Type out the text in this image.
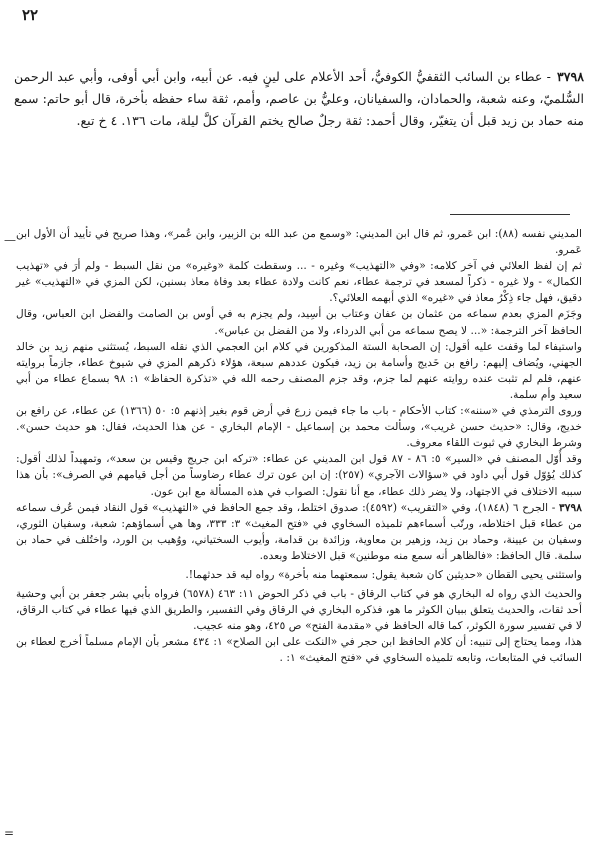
٢٢
٣٧٩٨- عطاء بن السائب الثقفيُّ الكوفيُّ، أحد الأعلام على لينٍ فيه. عن أبيه، وابن أبي أوفى، وأبي عبد الرحمن السُّلميّ، وعنه شعبة، والحمادان، والسفيانان، وعليُّ بن عاصم، وأمم، ثقة ساء حفظه بأخرة، قال أبو حاتم: سمع منه حماد بن زيد قبل أن يتغيّر، وقال أحمد: ثقة رجلٌ صالح يختم القرآن كلَّ ليلة، مات ١٣٦. ٤ خ تبع.
—
=

المديني نفسه (٨٨): ابن عَمرو، ثم قال ابن المديني: «وسمع من عبد الله بن الزبير، وابن عُمر»، وهذا صريح في تأييد أن الأول ابن عَمرو.

ثم إن لفظ العلائي في آخر كلامه: «وفي «التهذيب» وغيره - ... وسقطت كلمة «وغيره» من نقل السبط - ولم أرَ في «تهذيب الكمال» - ولا غيره - ذكراً لمسعد في ترجمة عطاء، نعم كانت ولادة عطاء بعد وفاة معاذ بسنين، لكن المزي في «التهذيب» غير دقيق، فهل جاء ذِكْرُ معاذ في «غيره» الذي أبهمه العلائي؟.

وجَزَم المزي بعدم سماعه من عثمان بن عفان وعتاب بن أسِيد، ولم يجزم به في أوس بن الصامت والفضل ابن العباس، وقال الحافظ آخر الترجمة: «... لا يصح سماعه من أبي الدرداء، ولا من الفضل بن عباس».

واستيفاء لما وقفت عليه أقول: إن الصحابة الستة المذكورين في كلام ابن العجمي الذي نقله السبط، يُستثنى منهم زيد بن خالد الجهني، ويُضاف إليهم: رافع بن خَديج وأسامة بن زيد، فيكون عددهم سبعة، هؤلاء ذكرهم المزي في شيوخ عطاء، جازماً بروايته عنهم، فلم لم تثبت عنده روايته عنهم لما جزم، وقد جزم المصنف رحمه الله في «تذكرة الحفاظ» ١: ٩٨ بسماع عطاء من أبي سعيد وأم سلمة.

وروى الترمذي في «سننه»: كتاب الأحكام - باب ما جاء فيمن زرع في أرض قوم بغير إذنهم ٥: ٥٠ (١٣٦٦) عن عطاء، عن رافع بن خديج، وقال: «حديث حسن غريب»، وسألت محمد بن إسماعيل - الإمام البخاري - عن هذا الحديث، فقال: هو حديث حسن». وشرط البخاري في ثبوت اللقاء معروف.

وقد أُوّل المصنف في «السير» ٥: ٨٦ - ٨٧ قول ابن المديني عن عطاء: «تركه ابن جريج وقيس بن سعد»، وتمهيداً لذلك أقول: كذلك يُؤوّل قول أبي داود في «سؤالات الآجري» (٢٥٧): إن ابن عون ترك عطاء رضاوساً من أجل قيامهم في الصرف»: بأن هذا سببه الاختلاف في الاجتهاد، ولا يضر ذلك عطاء، مع أنا نقول: الصواب في هذه المسألة مع ابن عون.

٣٧٩٨ - الجرح ٦ (١٨٤٨)، وفي «التقريب» (٤٥٩٢): صدوق اختلط، وقد جمع الحافظ في «التهذيب» قول النقاد فيمن عُرف سماعه من عطاء قبل اختلاطه، ورتّب أسماءهم تلميذه السخاوي في «فتح المغيث» ٣: ٣٣٣، وها هي أسماؤهم: شعبة، وسفيان الثوري، وسفيان بن عيينة، وحماد بن زيد، وزهير بن معاوية، وزائدة بن قدامة، وأيوب السختياني، ووُهيب بن الورد، واختُلف في حماد بن سلمة. قال الحافظ: «فالظاهر أنه سمع منه موطنين» قبل الاختلاط وبعده.

واستثنى يحيى القطان «حديثين كان شعبة يقول: سمعتهما منه بأخرة» رواه ليه قد حدثهما!.

والحديث الذي رواه له البخاري هو في كتاب الرقاق - باب في ذكر الحوض ١١: ٤٦٣ (٦٥٧٨) فرواه بأبي بشر جعفر بن أبي وحشية أحد ثقات، والحديث يتعلق ببيان الكوثر ما هو، فذكره البخاري في الرقاق وفي التفسير، والطريق الذي فيها عطاء في كتاب الرقاق، لا في تفسير سورة الكوثر، كما قاله الحافظ في «مقدمة الفتح» ص ٤٢٥، وهو منه عجيب.

هذا، ومما يحتاج إلى تنبيه: أن كلام الحافظ ابن حجر في «النكت على ابن الصلاح» ١: ٤٣٤ مشعر بأن الإمام مسلماً أخرج لعطاء بن السائب في المتابعات، وتابعه تلميذه السخاوي في «فتح المغيث» ١: .
